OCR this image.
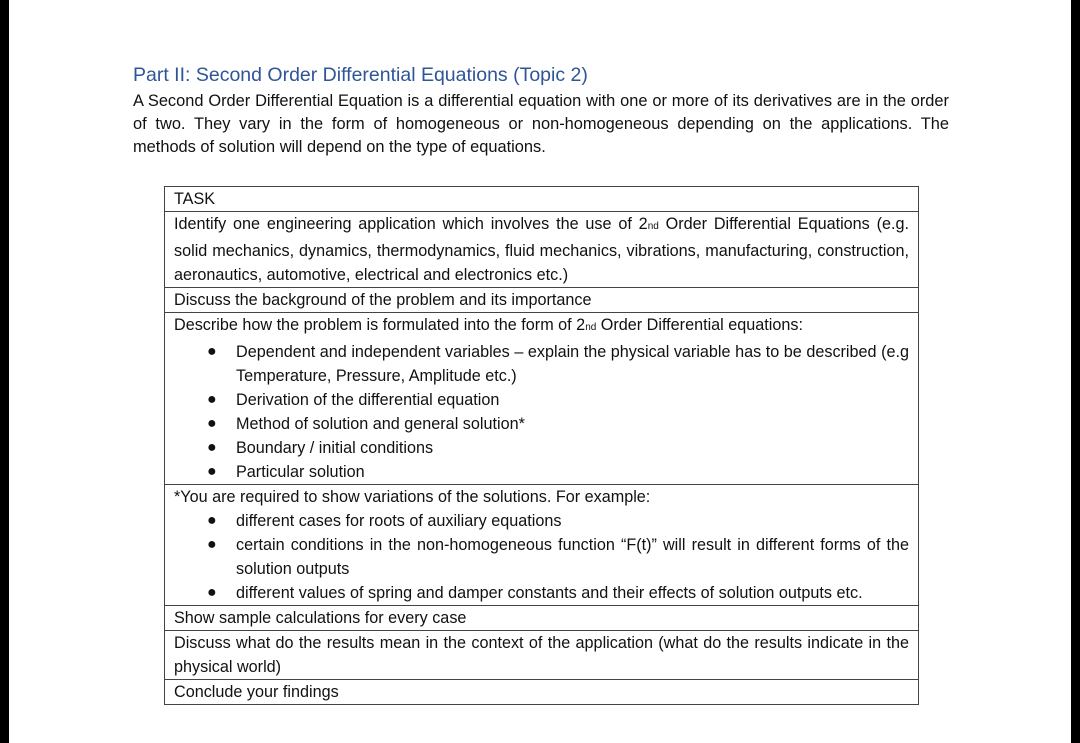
Part II: Second Order Differential Equations (Topic 2)
A Second Order Differential Equation is a differential equation with one or more of its derivatives are in the order of two. They vary in the form of homogeneous or non-homogeneous depending on the applications. The methods of solution will depend on the type of equations.
TASK
Identify one engineering application which involves the use of 2nd Order Differential Equations (e.g. solid mechanics, dynamics, thermodynamics, fluid mechanics, vibrations, manufacturing, construction, aeronautics, automotive, electrical and electronics etc.)
Discuss the background of the problem and its importance
Describe how the problem is formulated into the form of 2nd Order Differential equations:
● Dependent and independent variables – explain the physical variable has to be described (e.g Temperature, Pressure, Amplitude etc.)
● Derivation of the differential equation
● Method of solution and general solution*
● Boundary / initial conditions
● Particular solution
*You are required to show variations of the solutions. For example:
● different cases for roots of auxiliary equations
● certain conditions in the non-homogeneous function “F(t)” will result in different forms of the solution outputs
● different values of spring and damper constants and their effects of solution outputs etc.
Show sample calculations for every case
Discuss what do the results mean in the context of the application (what do the results indicate in the physical world)
Conclude your findings
